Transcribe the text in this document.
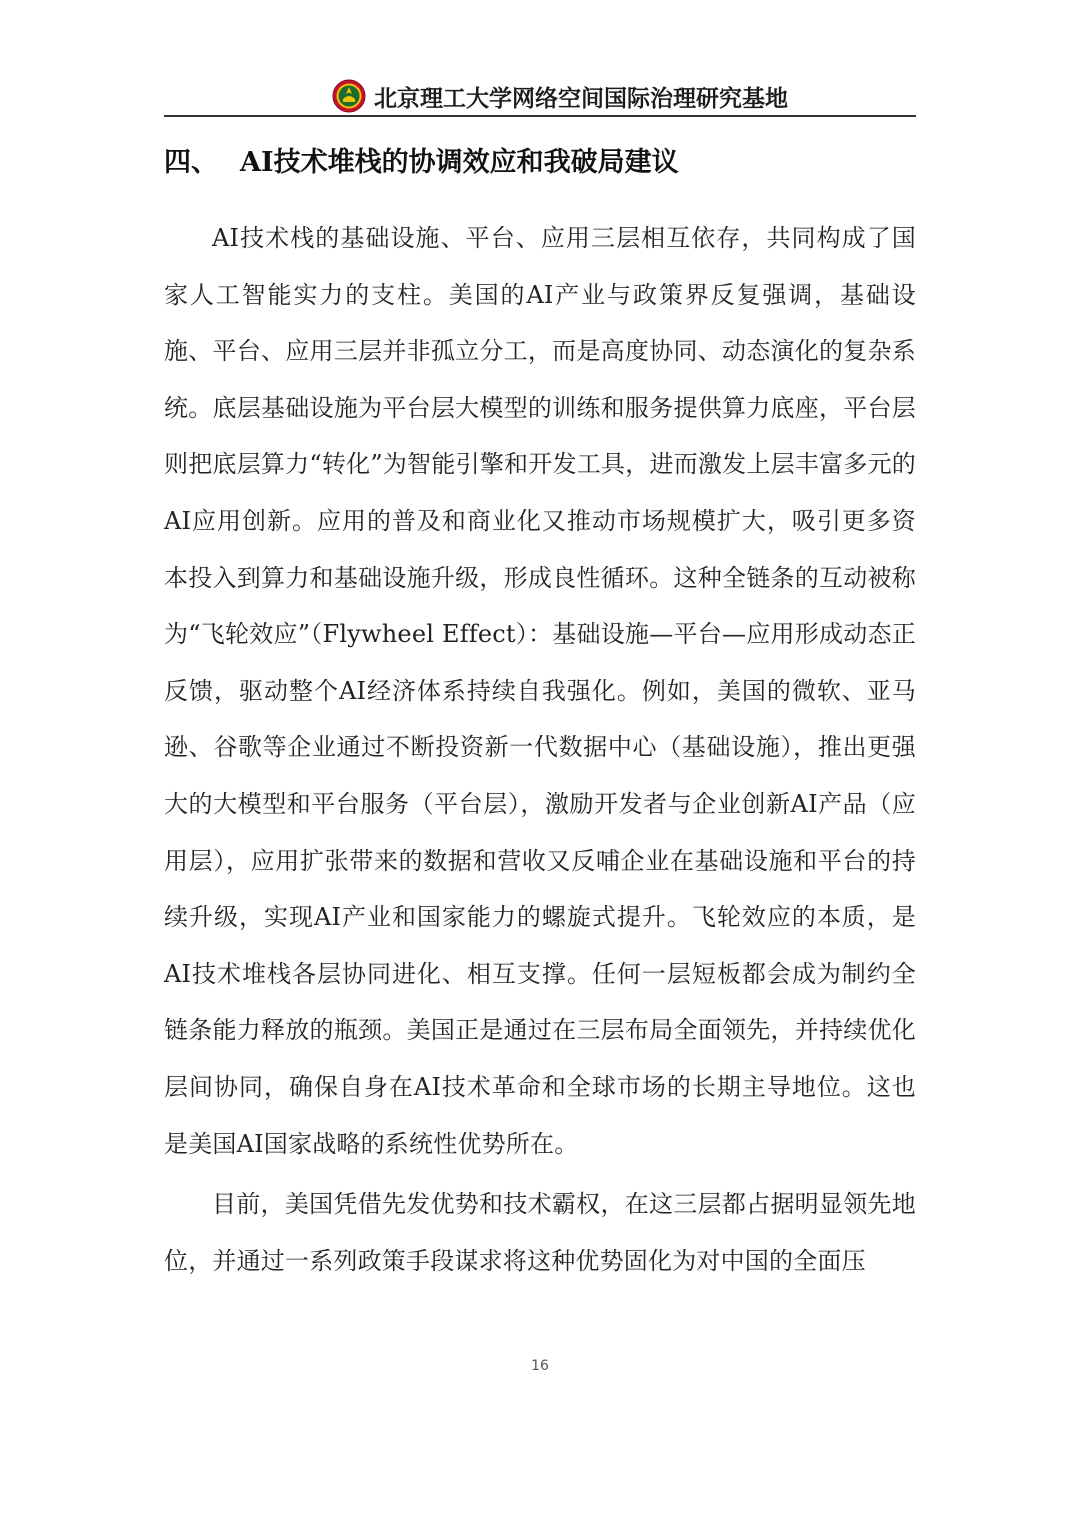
北京理工大学网络空间国际治理研究基地
四、 AI技术堆栈的协调效应和我破局建议

AI技术栈的基础设施、平台、应用三层相互依存，共同构成了国家人工智能实力的支柱。美国的AI产业与政策界反复强调，基础设施、平台、应用三层并非孤立分工，而是高度协同、动态演化的复杂系统。底层基础设施为平台层大模型的训练和服务提供算力底座，平台层则把底层算力“转化”为智能引擎和开发工具，进而激发上层丰富多元的AI应用创新。应用的普及和商业化又推动市场规模扩大，吸引更多资本投入到算力和基础设施升级，形成良性循环。这种全链条的互动被称为“飞轮效应”（Flywheel Effect）：基础设施—平台—应用形成动态正反馈，驱动整个AI经济体系持续自我强化。例如，美国的微软、亚马逊、谷歌等企业通过不断投资新一代数据中心（基础设施），推出更强大的大模型和平台服务（平台层），激励开发者与企业创新AI产品（应用层），应用扩张带来的数据和营收又反哺企业在基础设施和平台的持续升级，实现AI产业和国家能力的螺旋式提升。飞轮效应的本质，是AI技术堆栈各层协同进化、相互支撑。任何一层短板都会成为制约全链条能力释放的瓶颈。美国正是通过在三层布局全面领先，并持续优化层间协同，确保自身在AI技术革命和全球市场的长期主导地位。这也是美国AI国家战略的系统性优势所在。

目前，美国凭借先发优势和技术霸权，在这三层都占据明显领先地位，并通过一系列政策手段谋求将这种优势固化为对中国的全面压

16
